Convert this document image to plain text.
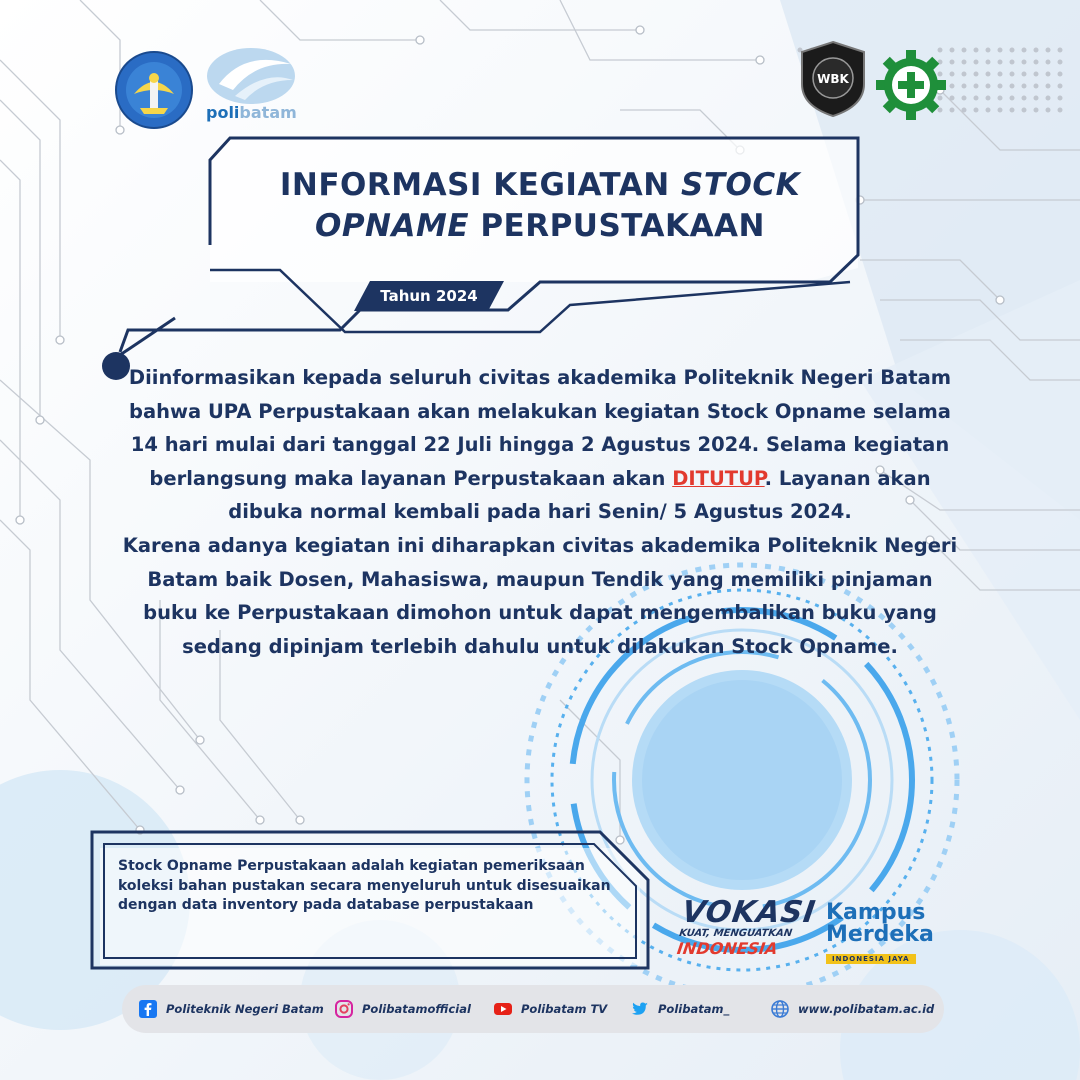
polibatam
WBK
INFORMASI KEGIATAN STOCK
OPNAME PERPUSTAKAAN
Tahun 2024
Diinformasikan kepada seluruh civitas akademika Politeknik Negeri Batam bahwa UPA Perpustakaan akan melakukan kegiatan Stock Opname selama 14 hari mulai dari tanggal 22 Juli hingga 2 Agustus 2024. Selama kegiatan berlangsung maka layanan Perpustakaan akan DITUTUP. Layanan akan dibuka normal kembali pada hari Senin/ 5 Agustus 2024.
Karena adanya kegiatan ini diharapkan civitas akademika Politeknik Negeri Batam baik Dosen, Mahasiswa, maupun Tendik yang memiliki pinjaman buku ke Perpustakaan dimohon untuk dapat mengembalikan buku yang sedang dipinjam terlebih dahulu untuk dilakukan Stock Opname.
Stock Opname Perpustakaan adalah kegiatan pemeriksaan koleksi bahan pustakan secara menyeluruh untuk disesuaikan dengan data inventory pada database perpustakaan	VOKASI
KUAT, MENGUATKAN
INDONESIA
Kampus
Merdeka
INDONESIA JAYA
Politeknik Negeri Batam	Polibatamofficial	Polibatam TV	Polibatam_	www.polibatam.ac.id
